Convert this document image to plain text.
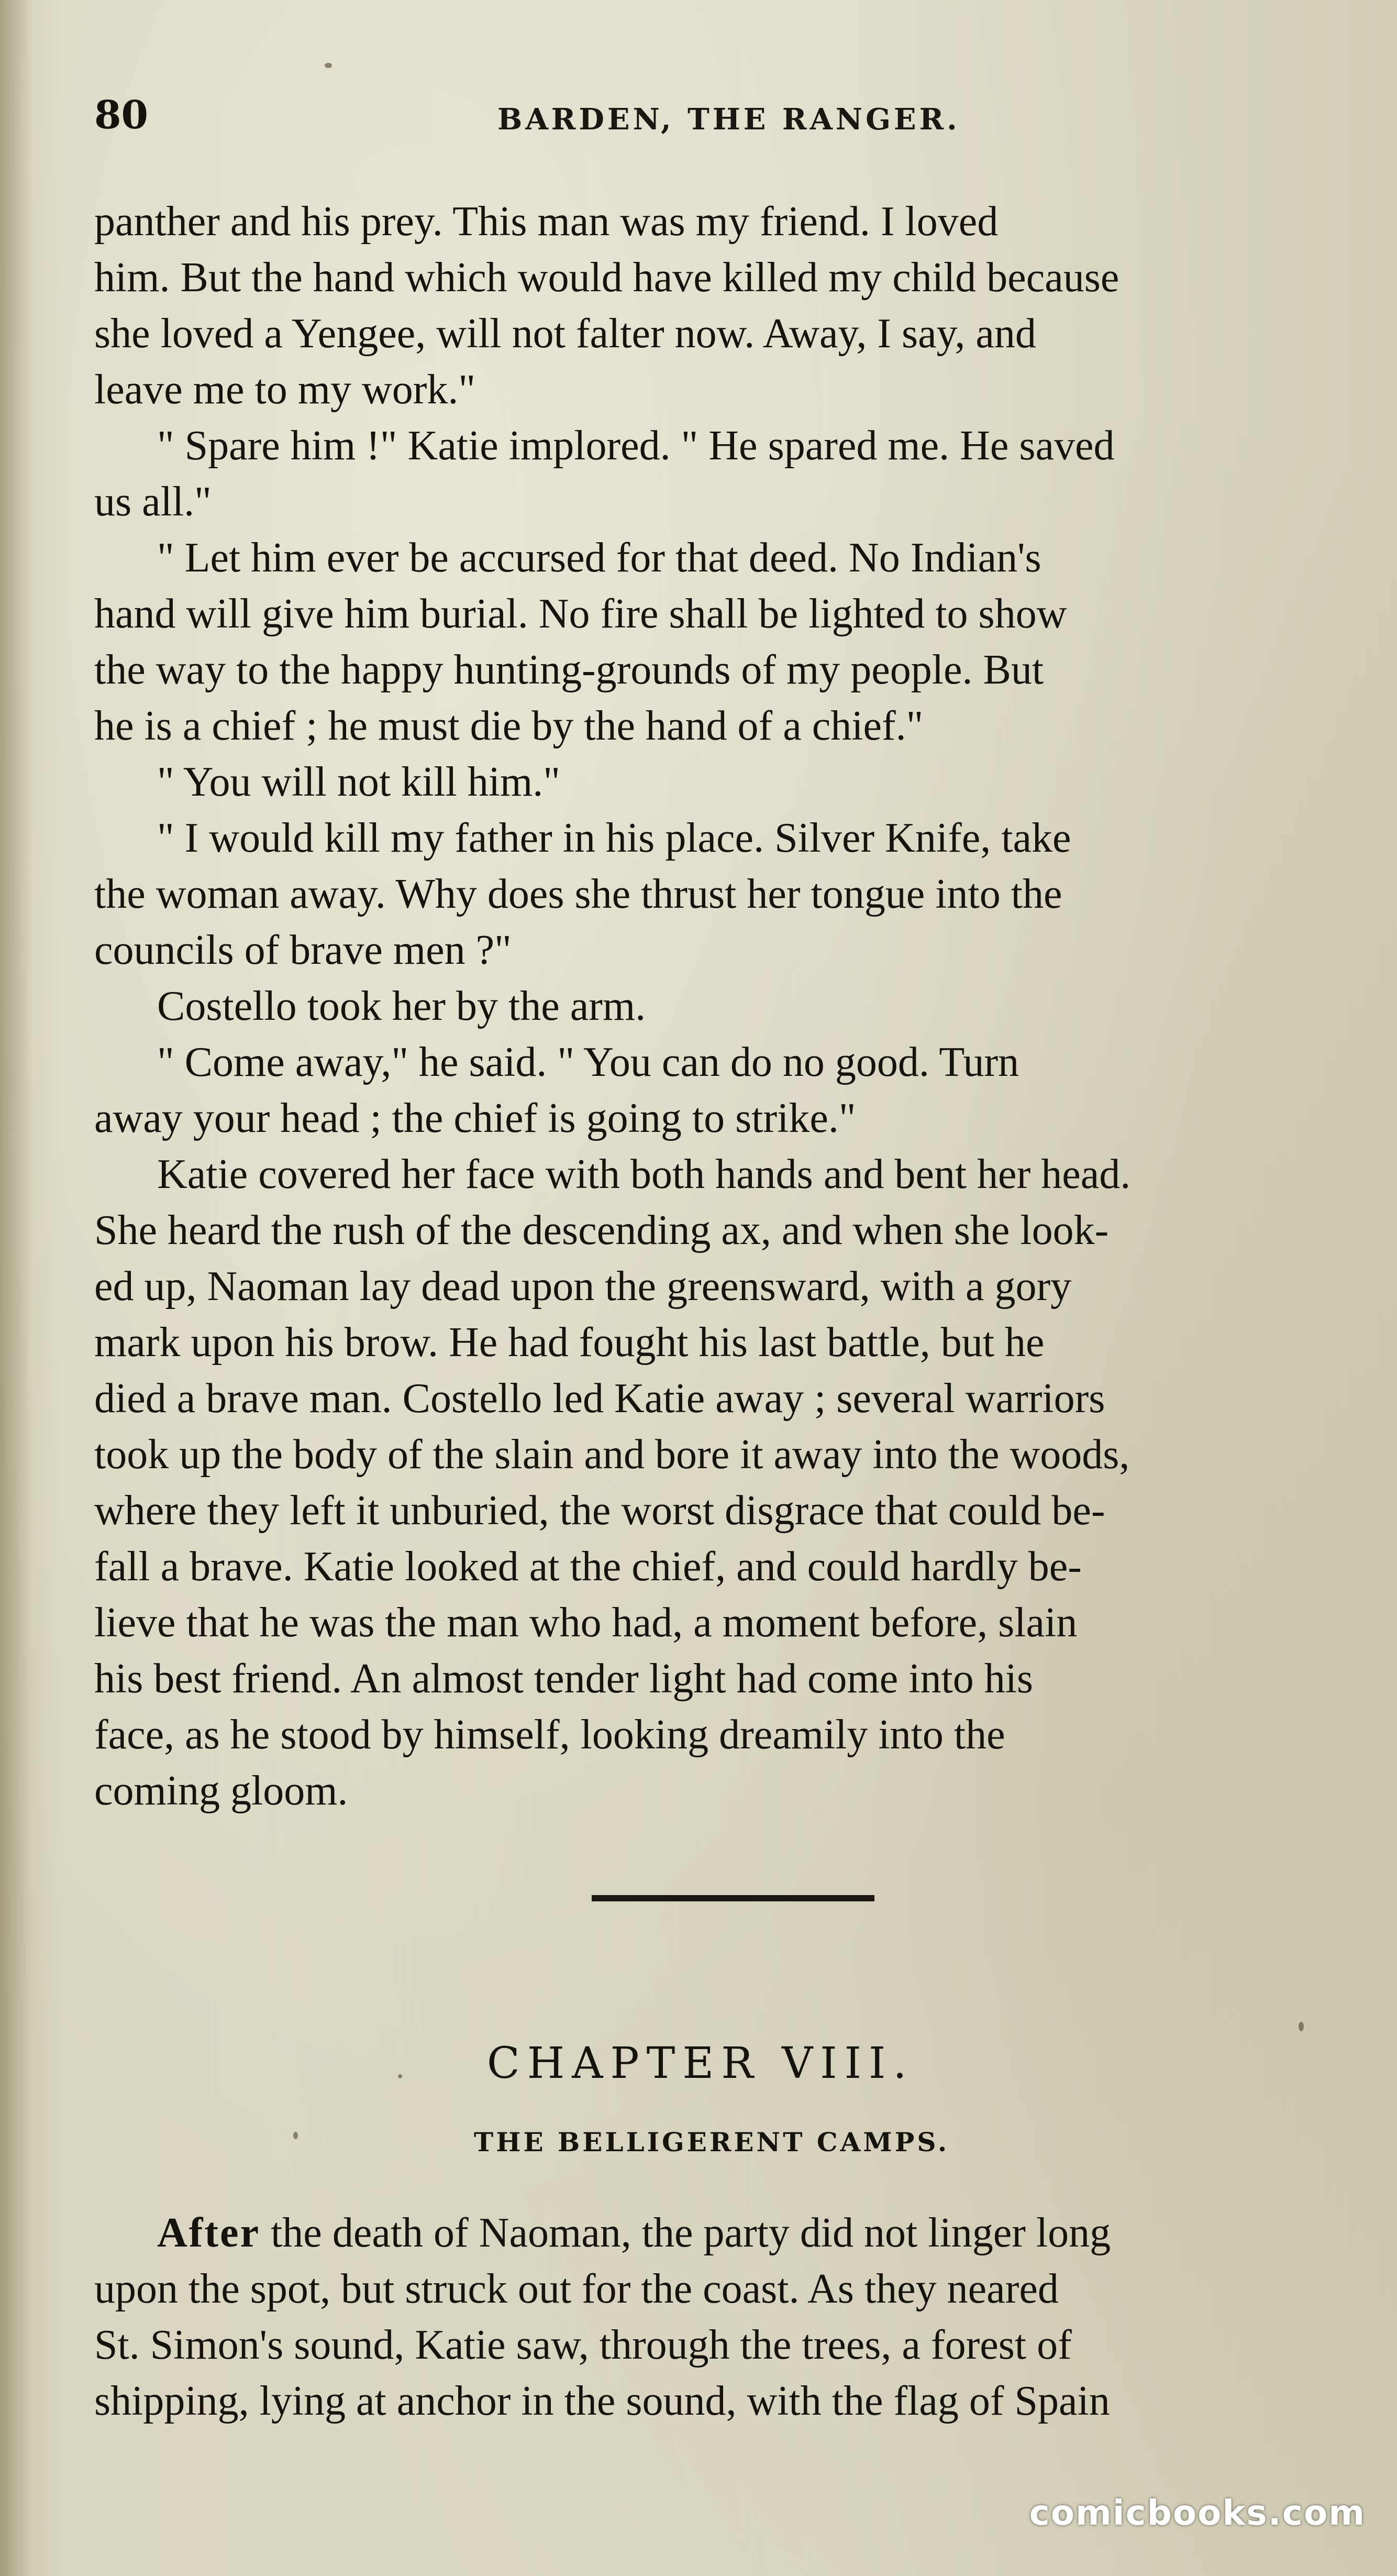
80	BARDEN, THE RANGER.
panther and his prey. This man was my friend. I loved
him. But the hand which would have killed my child because
she loved a Yengee, will not falter now. Away, I say, and
leave me to my work."
" Spare him !" Katie implored. " He spared me. He saved
us all."
" Let him ever be accursed for that deed. No Indian's
hand will give him burial. No fire shall be lighted to show
the way to the happy hunting-grounds of my people. But
he is a chief ; he must die by the hand of a chief."
" You will not kill him."
" I would kill my father in his place. Silver Knife, take
the woman away. Why does she thrust her tongue into the
councils of brave men ?"
Costello took her by the arm.
" Come away," he said. " You can do no good. Turn
away your head ; the chief is going to strike."
Katie covered her face with both hands and bent her head.
She heard the rush of the descending ax, and when she look-
ed up, Naoman lay dead upon the greensward, with a gory
mark upon his brow. He had fought his last battle, but he
died a brave man. Costello led Katie away ; several warriors
took up the body of the slain and bore it away into the woods,
where they left it unburied, the worst disgrace that could be-
fall a brave. Katie looked at the chief, and could hardly be-
lieve that he was the man who had, a moment before, slain
his best friend. An almost tender light had come into his
face, as he stood by himself, looking dreamily into the
coming gloom.
CHAPTER VIII.
THE BELLIGERENT CAMPS.
After the death of Naoman, the party did not linger long
upon the spot, but struck out for the coast. As they neared
St. Simon's sound, Katie saw, through the trees, a forest of
shipping, lying at anchor in the sound, with the flag of Spain
comicbooks.com
